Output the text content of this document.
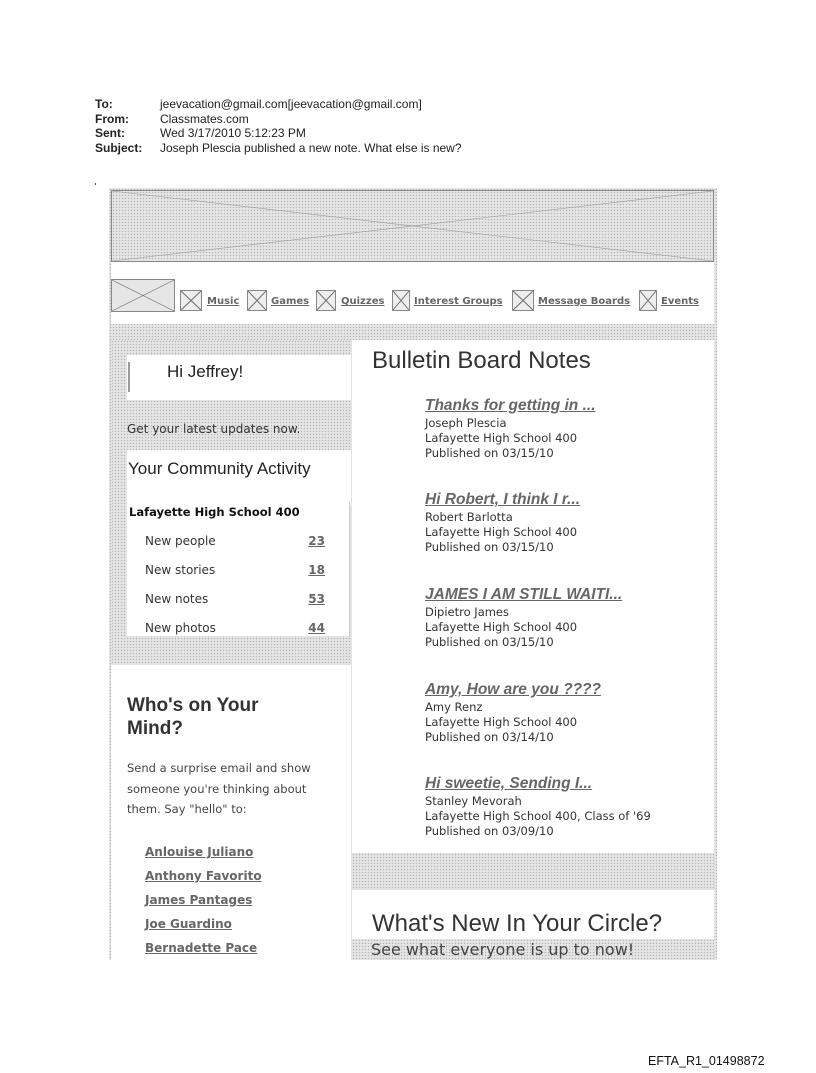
To:	jeevacation@gmail.com[jeevacation@gmail.com]
From:	Classmates.com
Sent:	Wed 3/17/2010 5:12:23 PM
Subject:	Joseph Plescia published a new note. What else is new?
Music	Games	Quizzes	Interest Groups	Message Boards	Events
Hi Jeffrey!
Get your latest updates now.
Your Community Activity
Lafayette High School 400
New people	23
New stories	18
New notes	53
New photos	44
Who's on Your Mind?
Send a surprise email and show someone you're thinking about them. Say "hello" to:
Anlouise Juliano
Anthony Favorito
James Pantages
Joe Guardino
Bernadette Pace
Bulletin Board Notes
Thanks for getting in ...
Joseph Plescia
Lafayette High School 400
Published on 03/15/10
Hi Robert, I think I r...
Robert Barlotta
Lafayette High School 400
Published on 03/15/10
JAMES I AM STILL WAITI...
Dipietro James
Lafayette High School 400
Published on 03/15/10
Amy, How are you ????
Amy Renz
Lafayette High School 400
Published on 03/14/10
Hi sweetie, Sending I...
Stanley Mevorah
Lafayette High School 400, Class of '69
Published on 03/09/10
What's New In Your Circle?
See what everyone is up to now!
EFTA_R1_01498872
